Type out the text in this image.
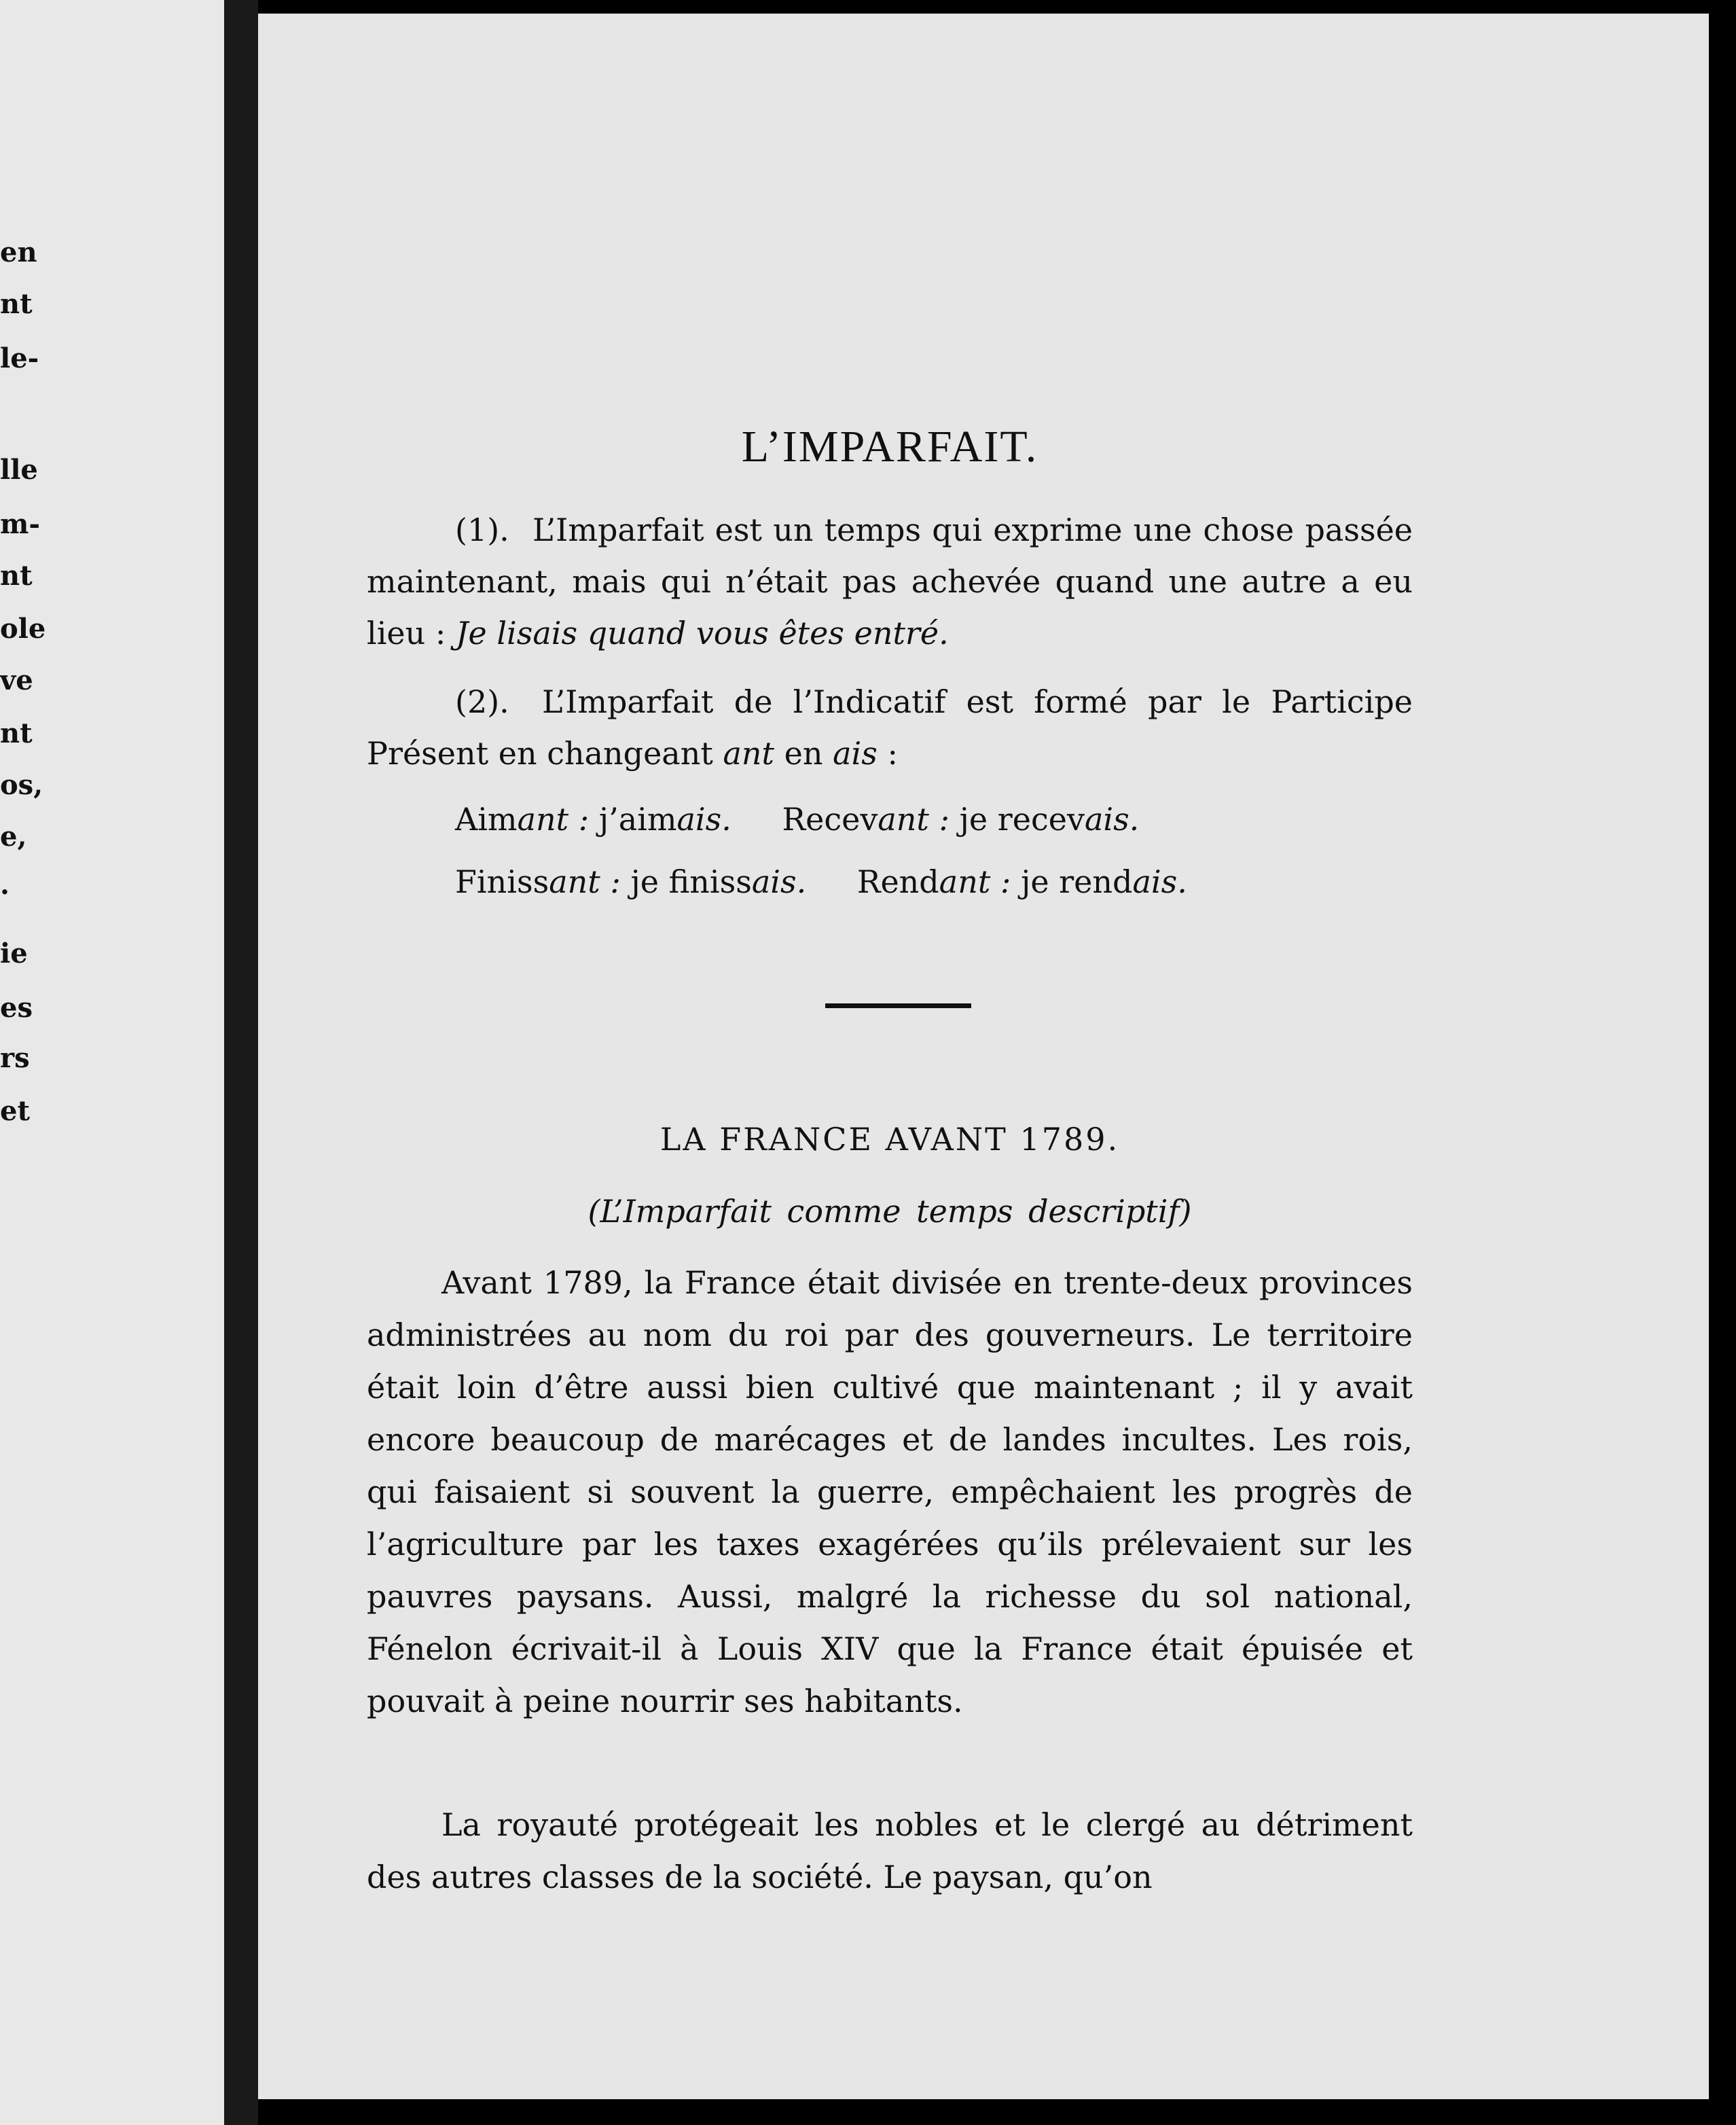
en
nt
le-
lle
m-
nt
ole
ve
nt
os,
e,
·
ie
es
rs
et
L’IMPARFAIT.
(1). L’Imparfait est un temps qui exprime une chose passée maintenant, mais qui n’était pas achevée quand une autre a eu lieu : Je lisais quand vous êtes entré.
(2). L’Imparfait de l’Indicatif est formé par le Participe Présent en changeant ant en ais :
Aimant : j’aimais. Recevant : je recevais.
Finissant : je finissais. Rendant : je rendais.
LA FRANCE AVANT 1789.
(L’Imparfait comme temps descriptif)
Avant 1789, la France était divisée en trente-deux provinces administrées au nom du roi par des gouverneurs. Le territoire était loin d’être aussi bien cultivé que maintenant ; il y avait encore beaucoup de marécages et de landes incultes. Les rois, qui faisaient si souvent la guerre, empêchaient les progrès de l’agriculture par les taxes exagérées qu’ils prélevaient sur les pauvres paysans. Aussi, malgré la richesse du sol national, Fénelon écrivait-il à Louis XIV que la France était épuisée et pouvait à peine nourrir ses habitants.
La royauté protégeait les nobles et le clergé au détriment des autres classes de la société. Le paysan, qu’on
